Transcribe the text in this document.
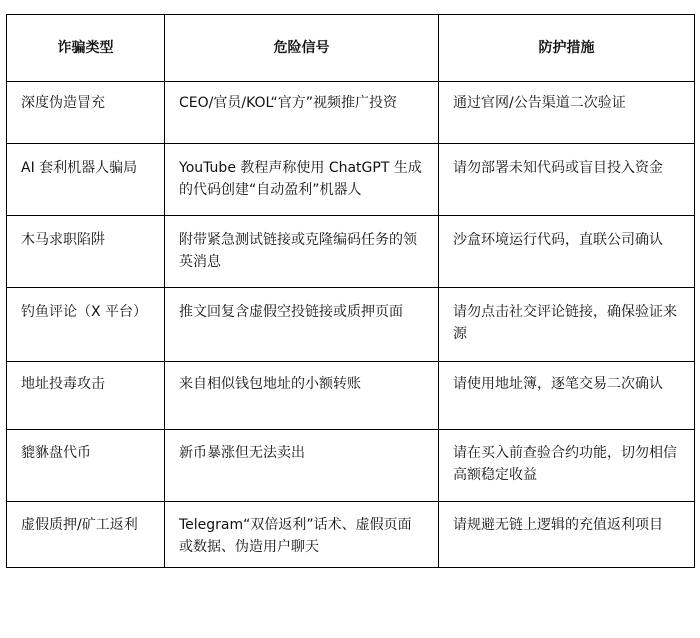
诈骗类型	危险信号	防护措施
深度伪造冒充	CEO/官员/KOL“官方”视频推广投资	通过官网/公告渠道二次验证
AI 套利机器人骗局	YouTube 教程声称使用 ChatGPT 生成的代码创建“自动盈利”机器人	请勿部署未知代码或盲目投入资金
木马求职陷阱	附带紧急测试链接或克隆编码任务的领英消息	沙盒环境运行代码，直联公司确认
钓鱼评论（X 平台）	推文回复含虚假空投链接或质押页面	请勿点击社交评论链接，确保验证来源
地址投毒攻击	来自相似钱包地址的小额转账	请使用地址簿，逐笔交易二次确认
貔貅盘代币	新币暴涨但无法卖出	请在买入前查验合约功能，切勿相信高额稳定收益
虚假质押/矿工返利	Telegram“双倍返利”话术、虚假页面或数据、伪造用户聊天	请规避无链上逻辑的充值返利项目
